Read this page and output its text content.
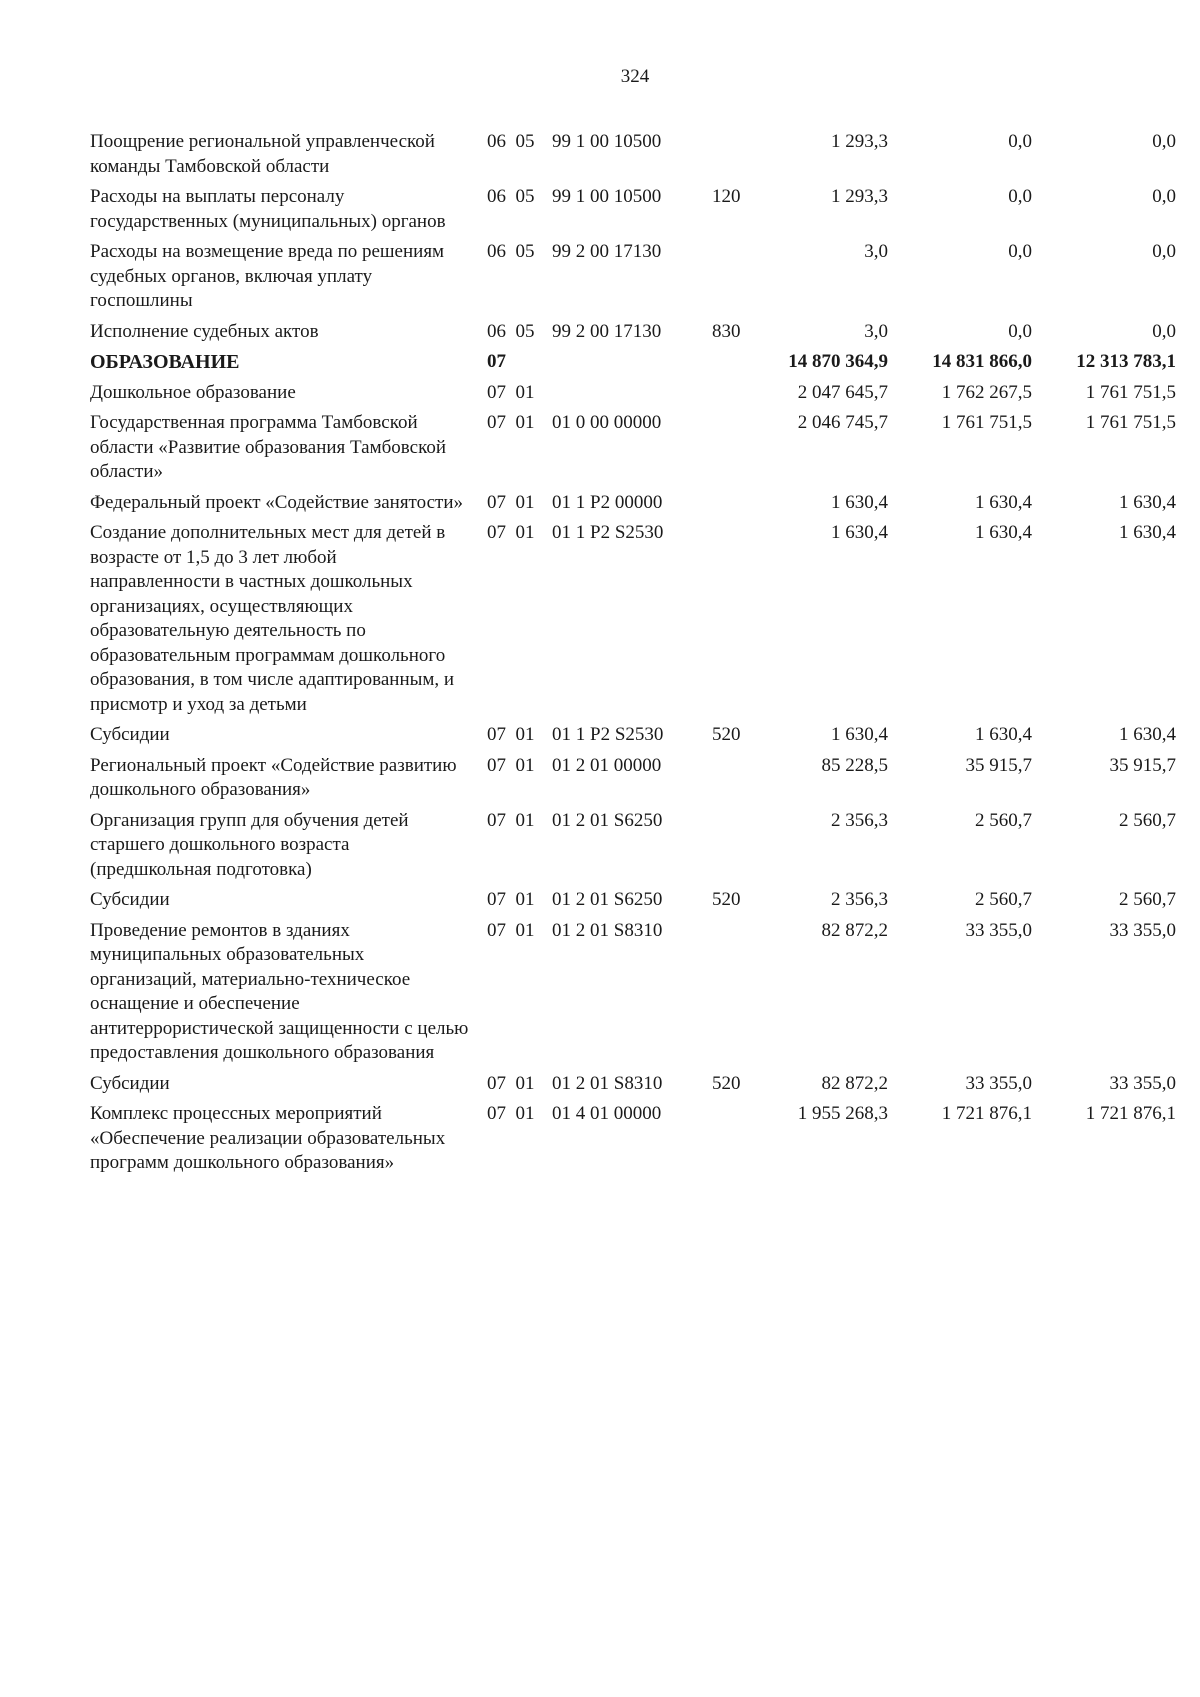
324
Поощрение региональной управленческой команды Тамбовской области	06  05	99 1 00 10500		1 293,3	0,0	0,0
Расходы на выплаты персоналу государственных (муниципальных) органов	06  05	99 1 00 10500	120	1 293,3	0,0	0,0
Расходы на возмещение вреда по решениям судебных органов, включая уплату госпошлины	06  05	99 2 00 17130		3,0	0,0	0,0
Исполнение судебных актов	06  05	99 2 00 17130	830	3,0	0,0	0,0
ОБРАЗОВАНИЕ	07			14 870 364,9	14 831 866,0	12 313 783,1
Дошкольное образование	07  01			2 047 645,7	1 762 267,5	1 761 751,5
Государственная программа Тамбовской области «Развитие образования Тамбовской области»	07  01	01 0 00 00000		2 046 745,7	1 761 751,5	1 761 751,5
Федеральный проект «Содействие занятости»	07  01	01 1 Р2 00000		1 630,4	1 630,4	1 630,4
Создание дополнительных мест для детей в возрасте от 1,5 до 3 лет любой направленности в частных дошкольных организациях, осуществляющих образовательную деятельность по образовательным программам дошкольного образования, в том числе адаптированным, и присмотр и уход за детьми	07  01	01 1 Р2 S2530		1 630,4	1 630,4	1 630,4
Субсидии	07  01	01 1 Р2 S2530	520	1 630,4	1 630,4	1 630,4
Региональный проект «Содействие развитию дошкольного образования»	07  01	01 2 01 00000		85 228,5	35 915,7	35 915,7
Организация групп для обучения детей старшего дошкольного возраста (предшкольная подготовка)	07  01	01 2 01 S6250		2 356,3	2 560,7	2 560,7
Субсидии	07  01	01 2 01 S6250	520	2 356,3	2 560,7	2 560,7
Проведение ремонтов в зданиях муниципальных образовательных организаций, материально-техническое оснащение и обеспечение антитеррористической защищенности с целью предоставления дошкольного образования	07  01	01 2 01 S8310		82 872,2	33 355,0	33 355,0
Субсидии	07  01	01 2 01 S8310	520	82 872,2	33 355,0	33 355,0
Комплекс процессных мероприятий «Обеспечение реализации образовательных программ дошкольного образования»	07  01	01 4 01 00000		1 955 268,3	1 721 876,1	1 721 876,1
